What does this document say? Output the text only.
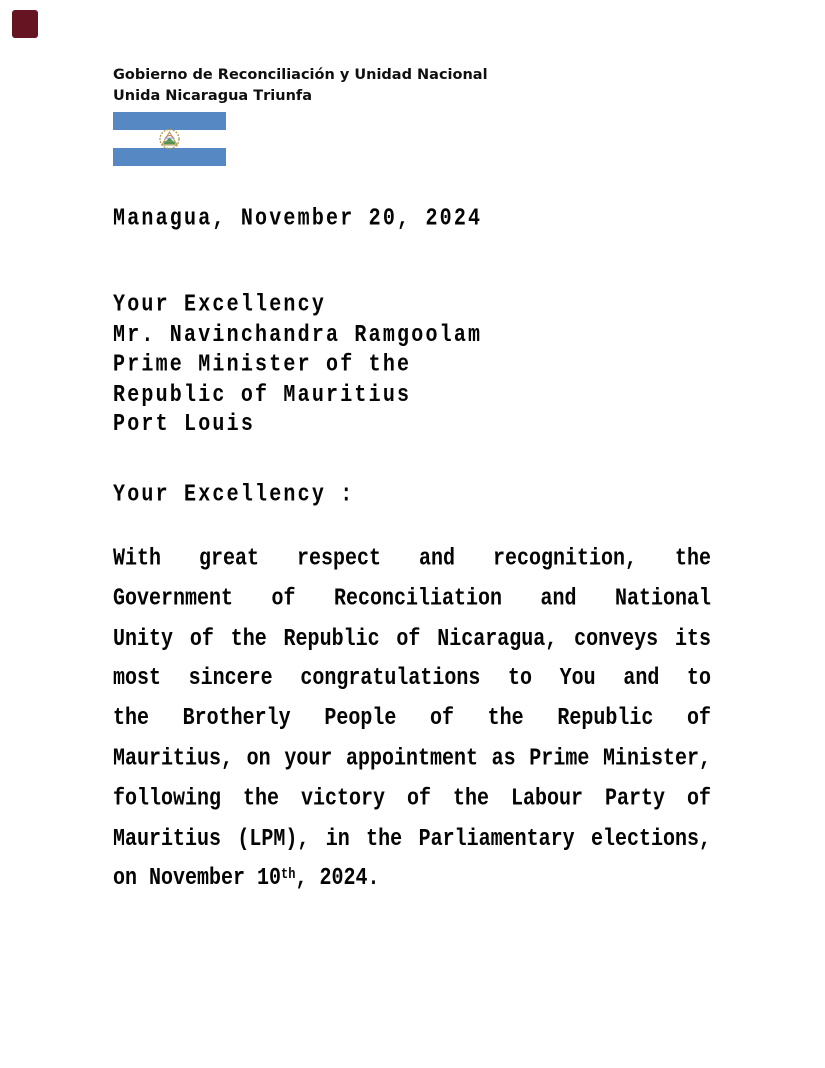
Gobierno de Reconciliación y Unidad Nacional
Unida Nicaragua Triunfa
Managua, November 20, 2024
Your Excellency
Mr. Navinchandra Ramgoolam
Prime Minister of the
Republic of Mauritius
Port Louis
Your Excellency :
With great respect and recognition, the
Government of Reconciliation and National
Unity of the Republic of Nicaragua, conveys its
most sincere congratulations to You and to
the Brotherly People of the Republic of
Mauritius, on your appointment as Prime Minister,
following the victory of the Labour Party of
Mauritius (LPM), in the Parliamentary elections,
on November 10th, 2024.
